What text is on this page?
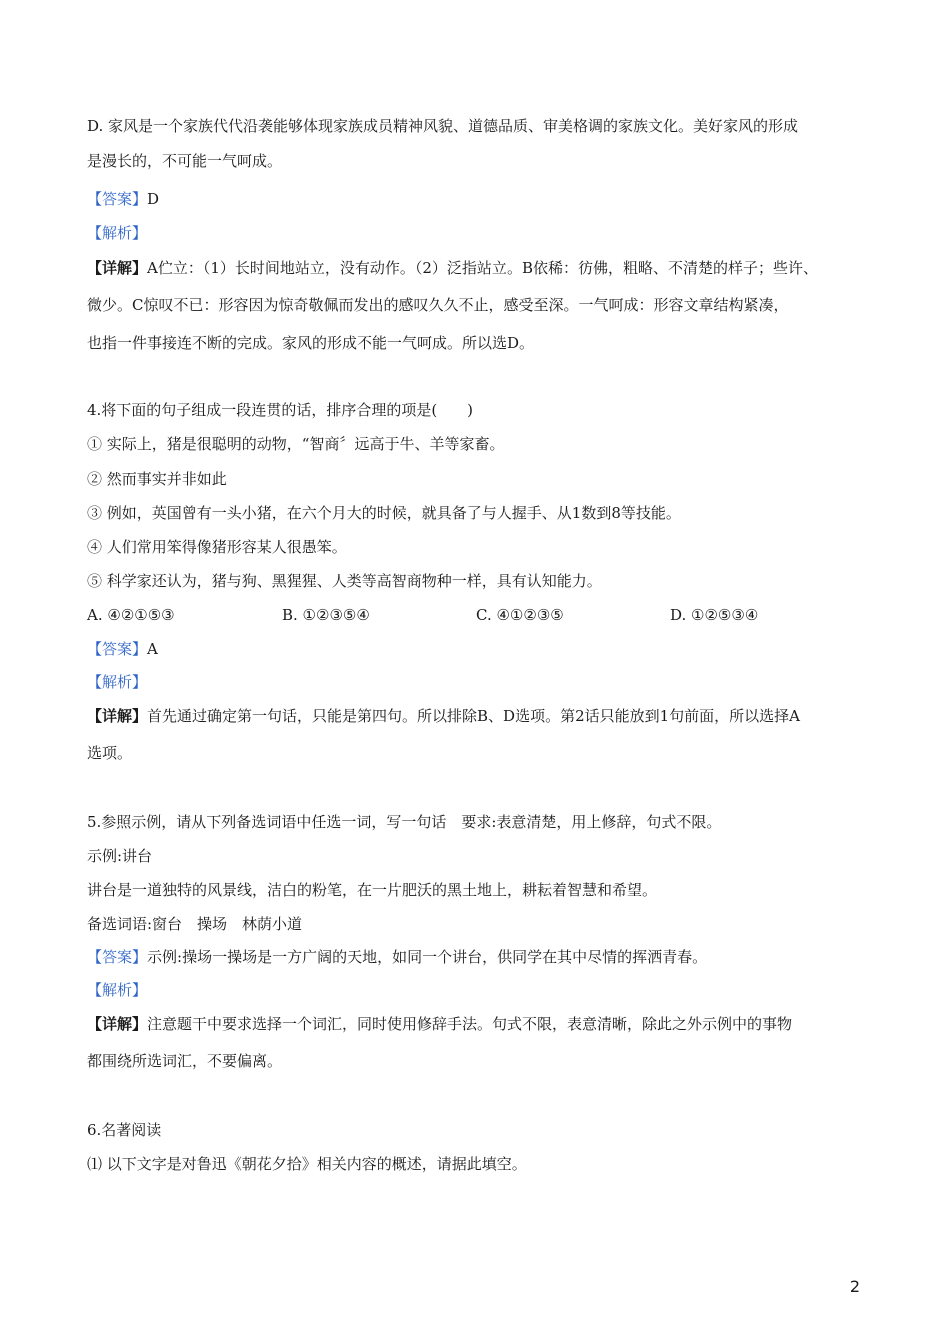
D. 家风是一个家族代代沿袭能够体现家族成员精神风貌、道德品质、审美格调的家族文化。美好家风的形成
是漫长的，不可能一气呵成。
【答案】D
【解析】
【详解】A伫立：（1）长时间地站立，没有动作。（2）泛指站立。B依稀：彷佛，粗略、不清楚的样子；些许、
微少。C惊叹不已：形容因为惊奇敬佩而发出的感叹久久不止，感受至深。一气呵成：形容文章结构紧凑，
也指一件事接连不断的完成。家风的形成不能一气呵成。所以选D。
4.将下面的句子组成一段连贯的话，排序合理的项是(　　)
① 实际上，猪是很聪明的动物，“智商〞远高于牛、羊等家畜。
② 然而事实并非如此
③ 例如，英国曾有一头小猪，在六个月大的时候，就具备了与人握手、从1数到8等技能。
④ 人们常用笨得像猪形容某人很愚笨。
⑤ 科学家还认为，猪与狗、黑猩猩、人类等高智商物种一样，具有认知能力。
A. ④②①⑤③	B. ①②③⑤④	C. ④①②③⑤	D. ①②⑤③④
【答案】A
【解析】
【详解】首先通过确定第一句话，只能是第四句。所以排除B、D选项。第2话只能放到1句前面，所以选择A
选项。
5.参照示例，请从下列备选词语中任选一词，写一句话　要求:表意清楚，用上修辞，句式不限。
示例:讲台
讲台是一道独特的风景线，洁白的粉笔，在一片肥沃的黑土地上，耕耘着智慧和希望。
备选词语:窗台　操场　林荫小道
【答案】示例:操场一操场是一方广阔的天地，如同一个讲台，供同学在其中尽情的挥洒青春。
【解析】
【详解】注意题干中要求选择一个词汇，同时使用修辞手法。句式不限，表意清晰，除此之外示例中的事物
都围绕所选词汇，不要偏离。
6.名著阅读
⑴ 以下文字是对鲁迅《朝花夕拾》相关内容的概述，请据此填空。
2
